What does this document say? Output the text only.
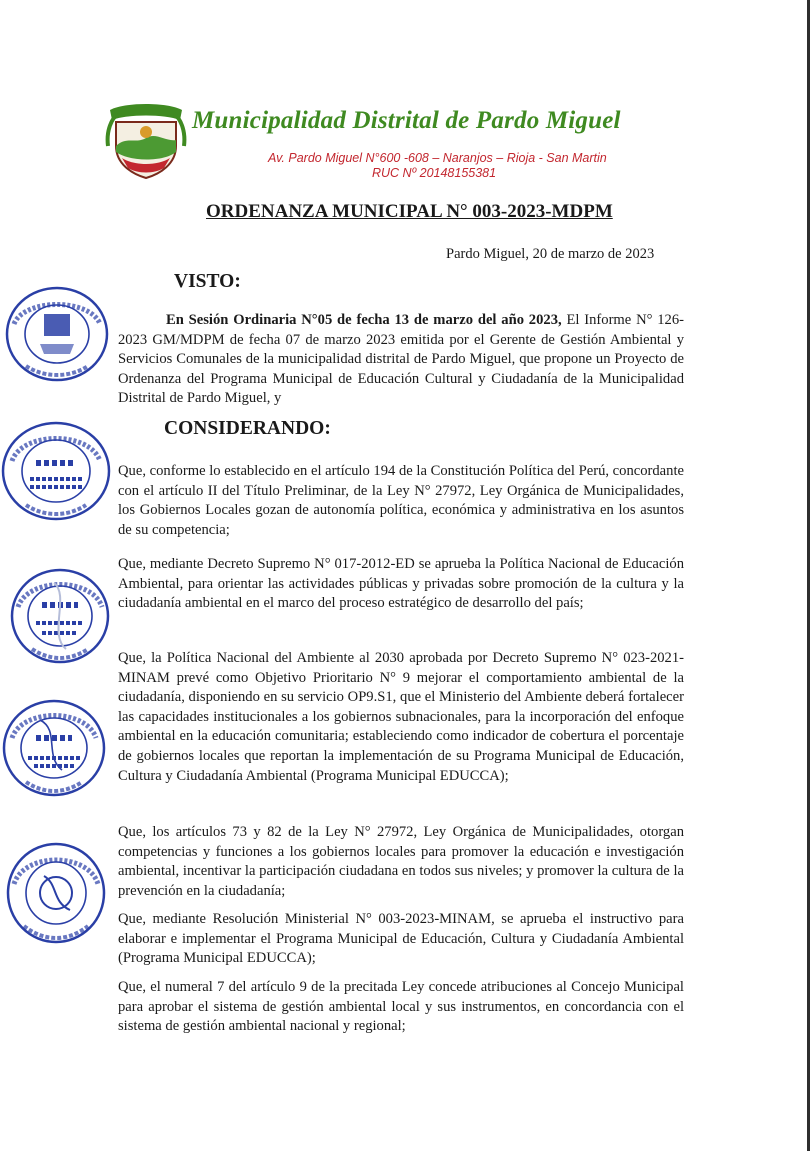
Municipalidad Distrital de Pardo Miguel
Av. Pardo Miguel N°600 -608 – Naranjos – Rioja - San Martin
RUC Nº 20148155381
ORDENANZA MUNICIPAL N° 003-2023-MDPM
Pardo Miguel, 20 de marzo de 2023
VISTO:
En Sesión Ordinaria N°05 de fecha 13 de marzo del año 2023, El Informe N° 126-2023 GM/MDPM de fecha 07 de marzo 2023 emitida por el Gerente de Gestión Ambiental y Servicios Comunales de la municipalidad distrital de Pardo Miguel, que propone un Proyecto de Ordenanza del Programa Municipal de Educación Cultural y Ciudadanía de la Municipalidad Distrital de Pardo Miguel, y
CONSIDERANDO:
Que, conforme lo establecido en el artículo 194 de la Constitución Política del Perú, concordante con el artículo II del Título Preliminar, de la Ley N° 27972, Ley Orgánica de Municipalidades, los Gobiernos Locales gozan de autonomía política, económica y administrativa en los asuntos de su competencia;
Que, mediante Decreto Supremo N° 017-2012-ED se aprueba la Política Nacional de Educación Ambiental, para orientar las actividades públicas y privadas sobre promoción de la cultura y la ciudadanía ambiental en el marco del proceso estratégico de desarrollo del país;
Que, la Política Nacional del Ambiente al 2030 aprobada por Decreto Supremo N° 023-2021-MINAM prevé como Objetivo Prioritario N° 9 mejorar el comportamiento ambiental de la ciudadanía, disponiendo en su servicio OP9.S1, que el Ministerio del Ambiente deberá fortalecer las capacidades institucionales a los gobiernos subnacionales, para la incorporación del enfoque ambiental en la educación comunitaria; estableciendo como indicador de cobertura el porcentaje de gobiernos locales que reportan la implementación de su Programa Municipal de Educación, Cultura y Ciudadanía Ambiental (Programa Municipal EDUCCA);
Que, los artículos 73 y 82 de la Ley N° 27972, Ley Orgánica de Municipalidades, otorgan competencias y funciones a los gobiernos locales para promover la educación e investigación ambiental, incentivar la participación ciudadana en todos sus niveles; y promover la cultura de la prevención en la ciudadanía;
Que, mediante Resolución Ministerial N° 003-2023-MINAM, se aprueba el instructivo para elaborar e implementar el Programa Municipal de Educación, Cultura y Ciudadanía Ambiental (Programa Municipal EDUCCA);
Que, el numeral 7 del artículo 9 de la precitada Ley concede atribuciones al Concejo Municipal para aprobar el sistema de gestión ambiental local y sus instrumentos, en concordancia con el sistema de gestión ambiental nacional y regional;
